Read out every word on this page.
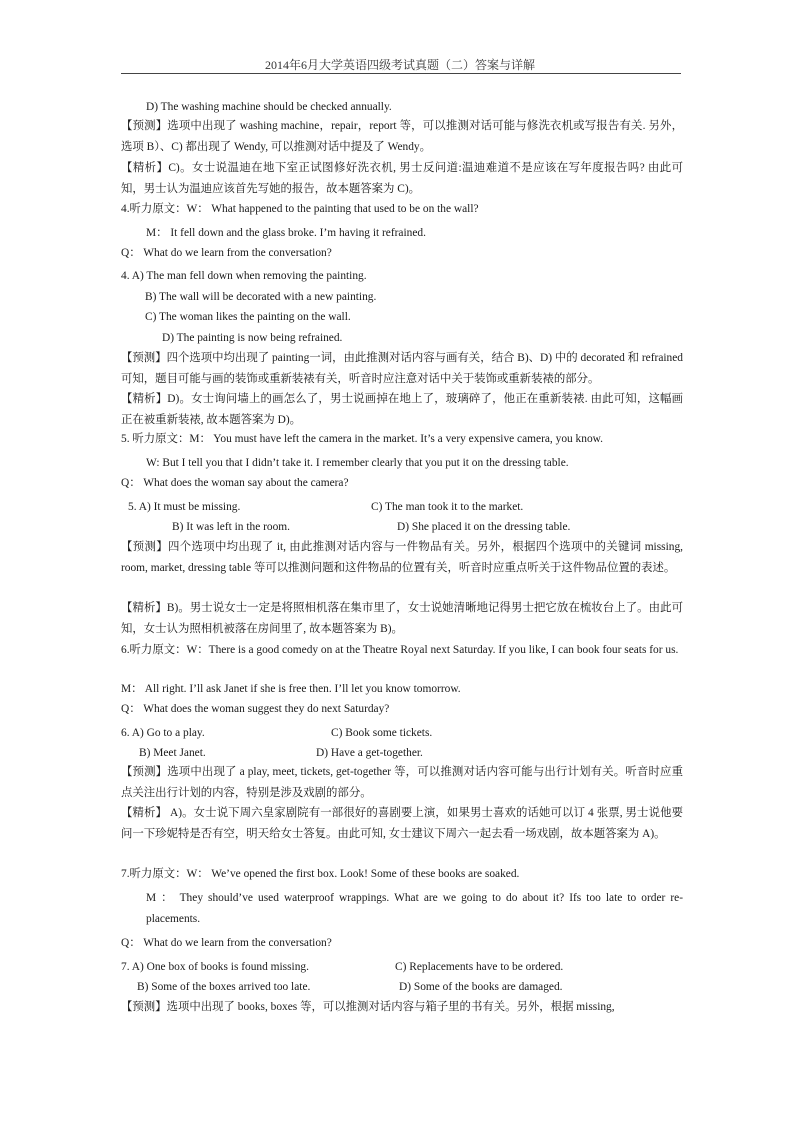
2014年6月大学英语四级考试真题（二）答案与详解
D) The washing machine should be checked annually.
【预测】选项中出现了 washing machine，repair，report 等，可以推测对话可能与修洗衣机或写报告有关. 另外，选项 B）、C) 都出现了 Wendy, 可以推测对话中提及了 Wendy。
【精析】C)。女士说温迪在地下室正试图修好洗衣机, 男士反问道:温迪难道不是应该在写年度报告吗? 由此可知，男士认为温迪应该首先写她的报告，故本题答案为 C)。
4.听力原文：W： What happened to the painting that used to be on the wall?
M： It fell down and the glass broke. I’m having it refrained.
Q： What do we learn from the conversation?
4. A) The man fell down when removing the painting.
B) The wall will be decorated with a new painting.
C) The woman likes the painting on the wall.
D) The painting is now being refrained.
【预测】四个选项中均出现了 painting一词，由此推测对话内容与画有关，结合 B)、D) 中的 decorated 和 refrained 可知，题目可能与画的装饰或重新装裱有关，听音时应注意对话中关于装饰或重新装裱的部分。
【精析】D)。女士询问墙上的画怎么了，男士说画掉在地上了，玻璃碎了，他正在重新装裱. 由此可知，这幅画正在被重新装裱, 故本题答案为 D)。
5. 听力原文：M： You must have left the camera in the market. It’s a very expensive camera, you know.
W: But I tell you that I didn’t take it. I remember clearly that you put it on the dressing table.
Q： What does the woman say about the camera?
5. A) It must be missing.	C) The man took it to the market.
B) It was left in the room.	D) She placed it on the dressing table.
【预测】四个选项中均出现了 it, 由此推测对话内容与一件物品有关。另外，根据四个选项中的关键词 missing, room, market, dressing table 等可以推测问题和这件物品的位置有关，听音时应重点听关于这件物品位置的表述。
【精析】B)。男士说女士一定是将照相机落在集市里了，女士说她清晰地记得男士把它放在梳妆台上了。由此可知，女士认为照相机被落在房间里了, 故本题答案为 B)。
6.听力原文：W：There is a good comedy on at the Theatre Royal next Saturday. If you like, I can book four seats for us.
M： All right. I’ll ask Janet if she is free then. I’ll let you know tomorrow.
Q： What does the woman suggest they do next Saturday?
6. A) Go to a play.	C) Book some tickets.
B) Meet Janet.	D) Have a get-together.
【预测】选项中出现了 a play, meet, tickets, get-together 等，可以推测对话内容可能与出行计划有关。听音时应重点关注出行计划的内容，特别是涉及戏剧的部分。
【精析】 A)。女士说下周六皇家剧院有一部很好的喜剧要上演，如果男士喜欢的话她可以订 4 张票, 男士说他要问一下珍妮特是否有空，明天给女士答复。由此可知, 女士建议下周六一起去看一场戏剧，故本题答案为 A)。
7.听力原文：W： We’ve opened the first box. Look! Some of these books are soaked.
M ： They should’ve used waterproof wrappings. What are we going to do about it? Ifs too late to order re-placements.
Q： What do we learn from the conversation?
7. A) One box of books is found missing.	C) Replacements have to be ordered.
B) Some of the boxes arrived too late.	D) Some of the books are damaged.
【预测】选项中出现了 books, boxes 等，可以推测对话内容与箱子里的书有关。另外，根据 missing,
